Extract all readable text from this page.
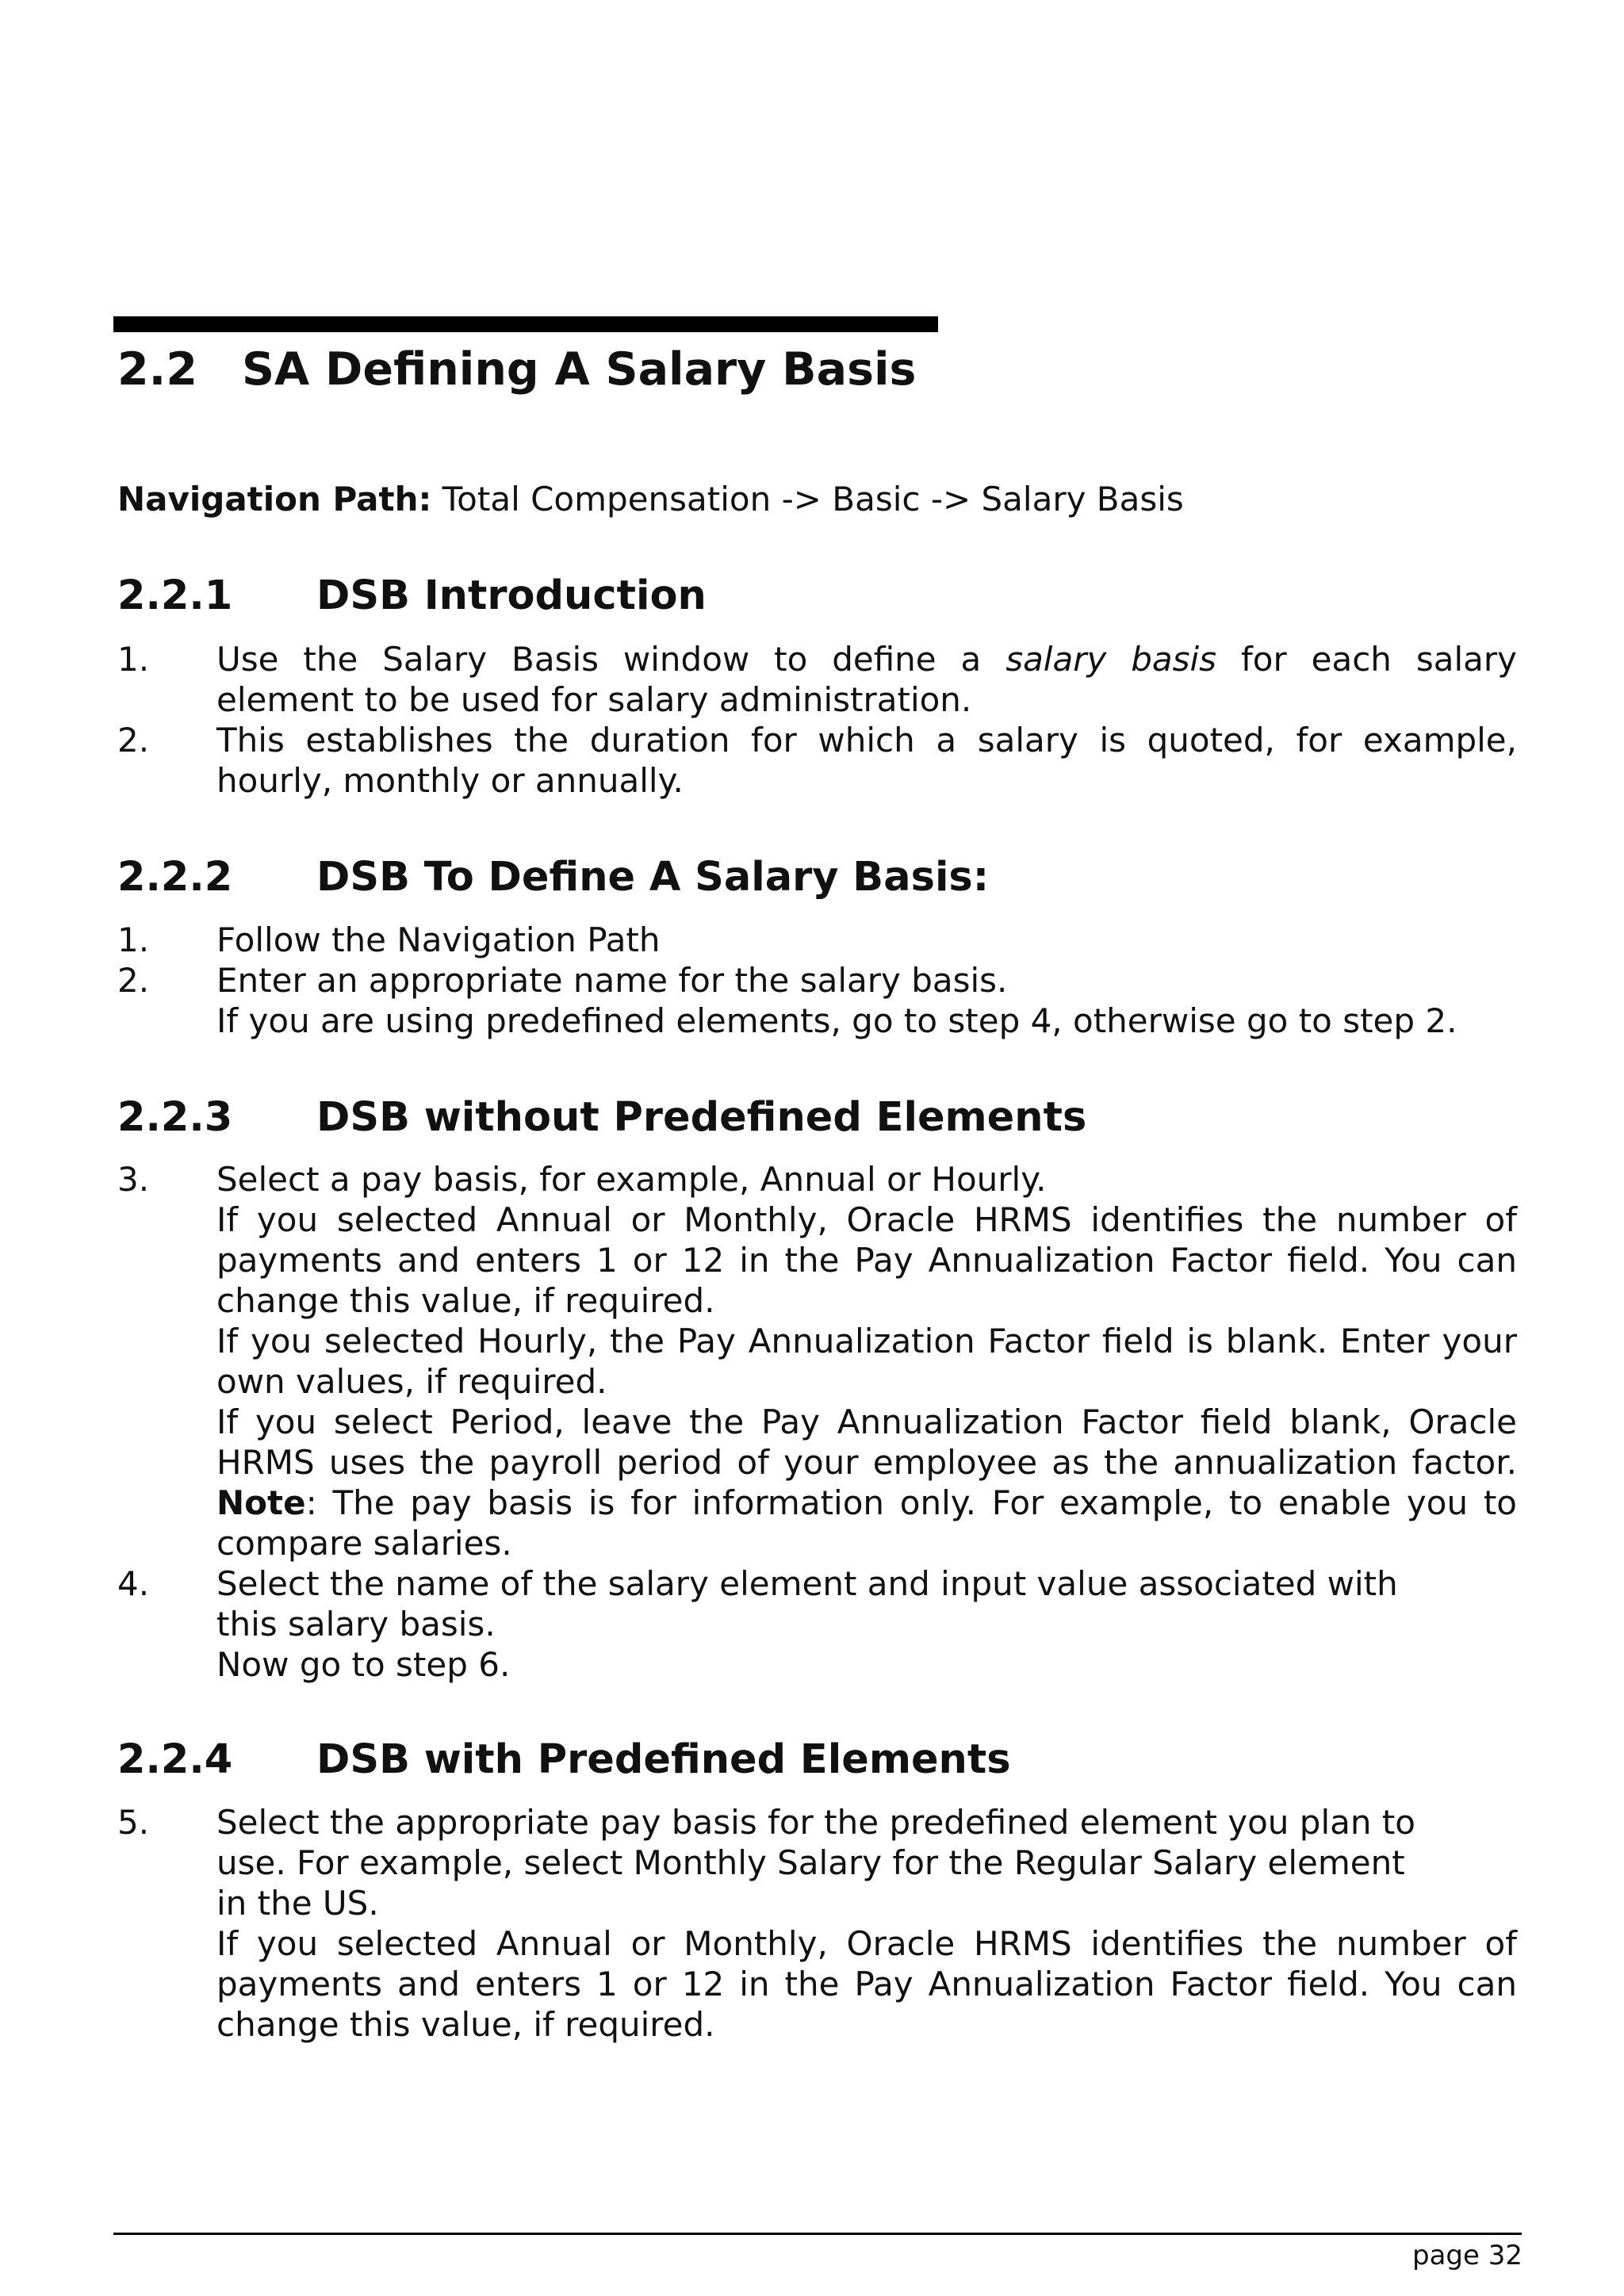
2.2 SA Defining A Salary Basis
Navigation Path: Total Compensation -> Basic -> Salary Basis
2.2.1 DSB Introduction
1. Use the Salary Basis window to define a salary basis for each salary
element to be used for salary administration.
2. This establishes the duration for which a salary is quoted, for example,
hourly, monthly or annually.
2.2.2 DSB To Define A Salary Basis:
1. Follow the Navigation Path
2. Enter an appropriate name for the salary basis.
If you are using predefined elements, go to step 4, otherwise go to step 2.
2.2.3 DSB without Predefined Elements
3. Select a pay basis, for example, Annual or Hourly.
If you selected Annual or Monthly, Oracle HRMS identifies the number of
payments and enters 1 or 12 in the Pay Annualization Factor field. You can
change this value, if required.
If you selected Hourly, the Pay Annualization Factor field is blank. Enter your
own values, if required.
If you select Period, leave the Pay Annualization Factor field blank, Oracle
HRMS uses the payroll period of your employee as the annualization factor.
Note: The pay basis is for information only. For example, to enable you to
compare salaries.
4. Select the name of the salary element and input value associated with
this salary basis.
Now go to step 6.
2.2.4 DSB with Predefined Elements
5. Select the appropriate pay basis for the predefined element you plan to
use. For example, select Monthly Salary for the Regular Salary element
in the US.
If you selected Annual or Monthly, Oracle HRMS identifies the number of
payments and enters 1 or 12 in the Pay Annualization Factor field. You can
change this value, if required.
page 32
